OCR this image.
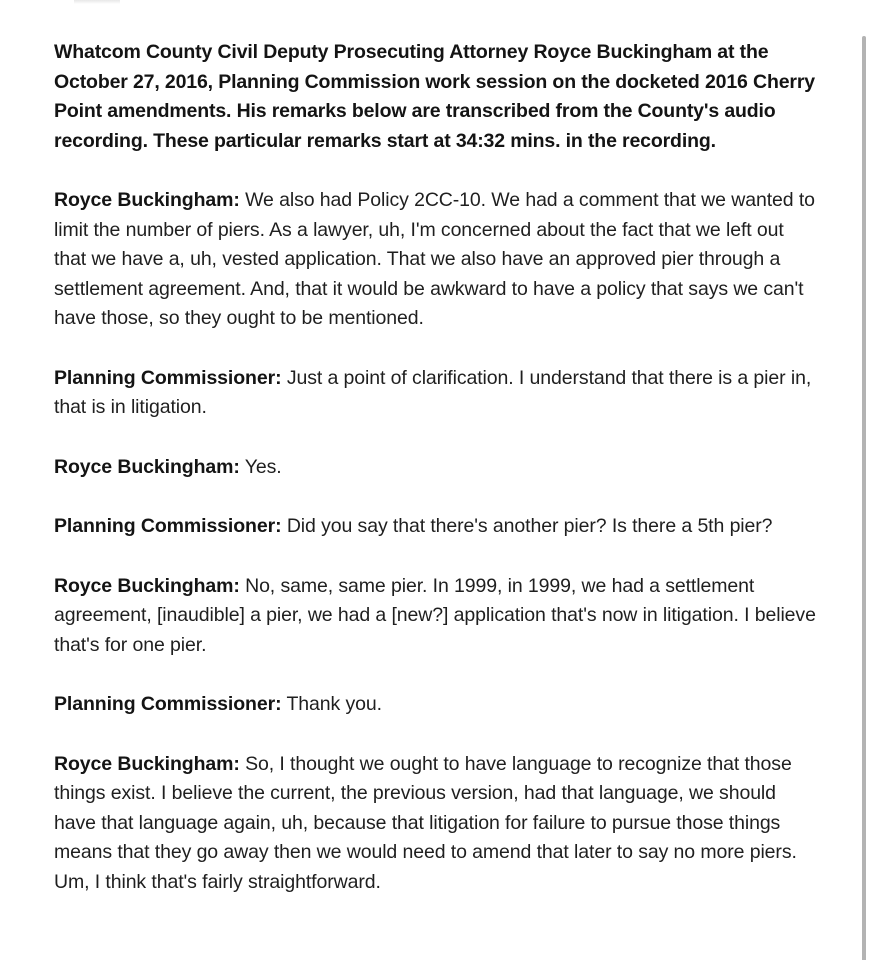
Whatcom County Civil Deputy Prosecuting Attorney Royce Buckingham at the October 27, 2016, Planning Commission work session on the docketed 2016 Cherry Point amendments. His remarks below are transcribed from the County's audio recording. These particular remarks start at 34:32 mins. in the recording.

Royce Buckingham: We also had Policy 2CC-10. We had a comment that we wanted to limit the number of piers. As a lawyer, uh, I'm concerned about the fact that we left out that we have a, uh, vested application. That we also have an approved pier through a settlement agreement. And, that it would be awkward to have a policy that says we can't have those, so they ought to be mentioned.

Planning Commissioner: Just a point of clarification. I understand that there is a pier in, that is in litigation.

Royce Buckingham: Yes.

Planning Commissioner: Did you say that there's another pier? Is there a 5th pier?

Royce Buckingham: No, same, same pier. In 1999, in 1999, we had a settlement agreement, [inaudible] a pier, we had a [new?] application that's now in litigation. I believe that's for one pier.

Planning Commissioner: Thank you.

Royce Buckingham: So, I thought we ought to have language to recognize that those things exist. I believe the current, the previous version, had that language, we should have that language again, uh, because that litigation for failure to pursue those things means that they go away then we would need to amend that later to say no more piers. Um, I think that's fairly straightforward.
